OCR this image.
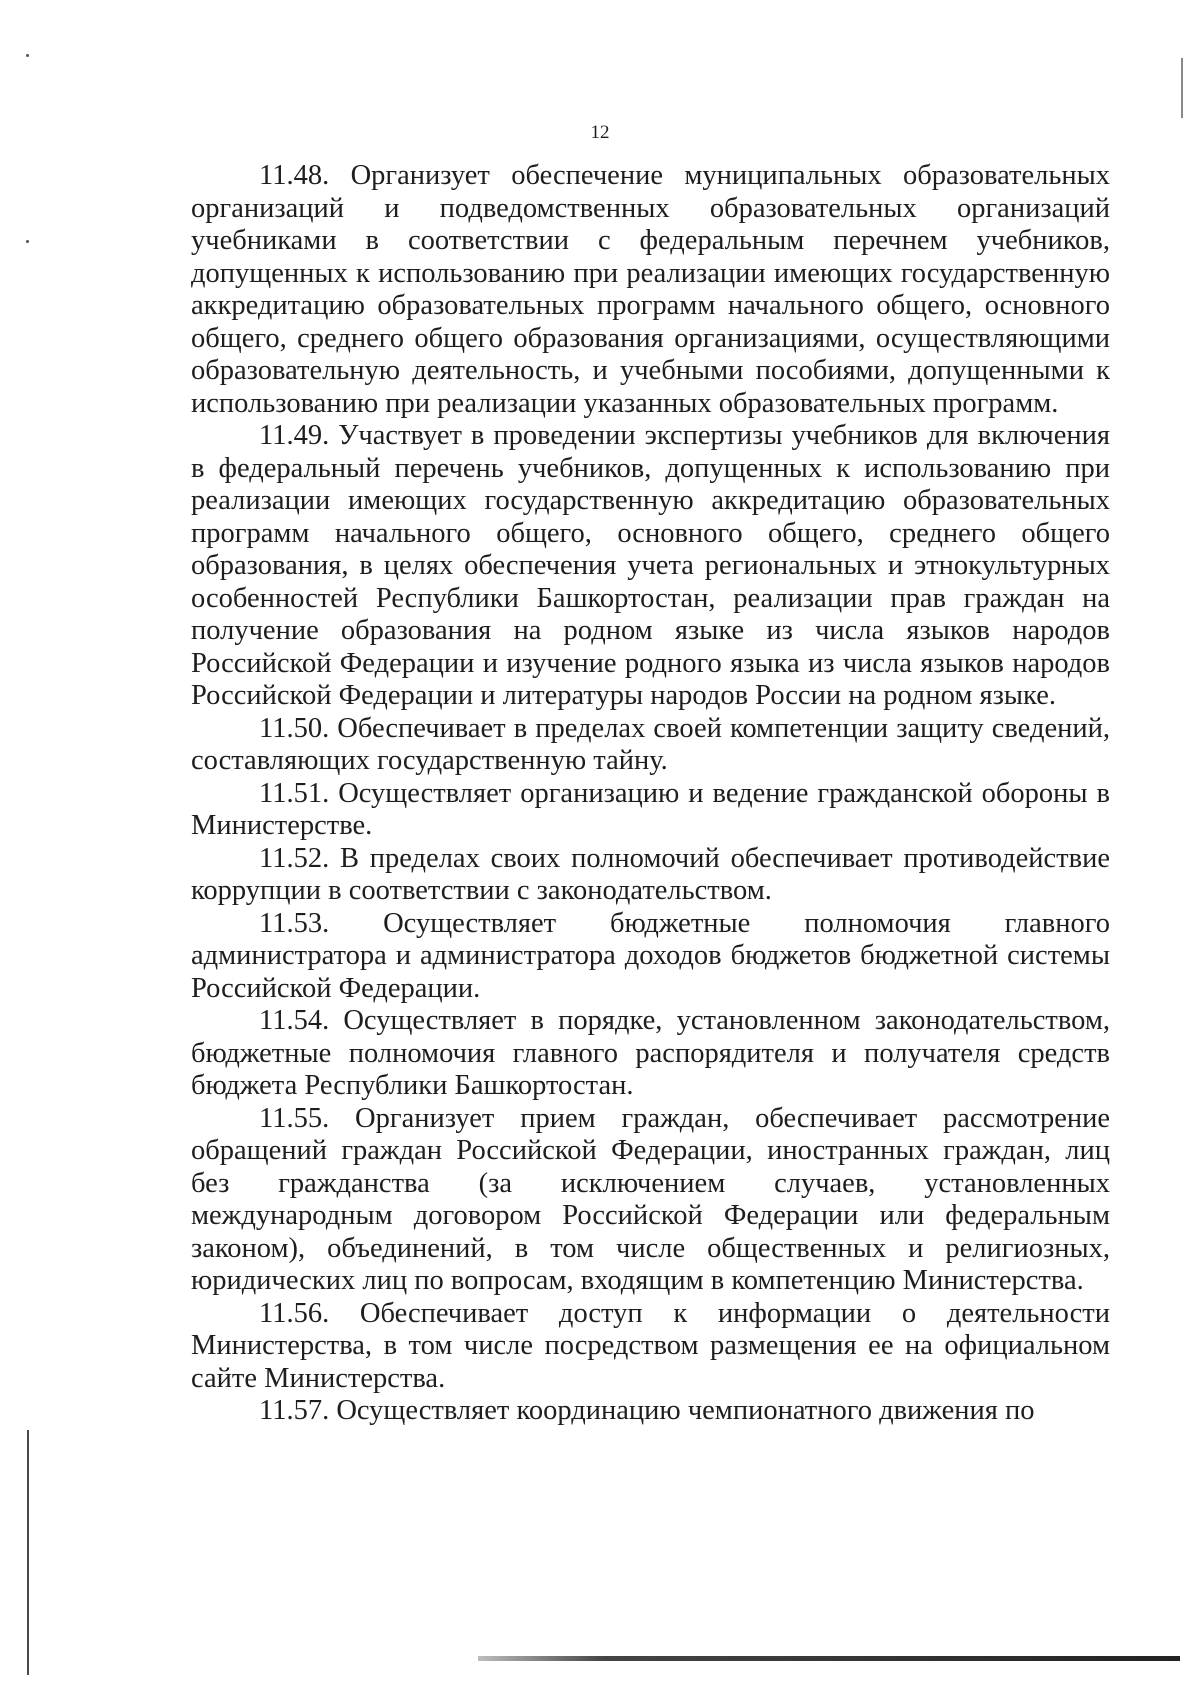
12

11.48. Организует обеспечение муниципальных образовательных организаций и подведомственных образовательных организаций учебниками в соответствии с федеральным перечнем учебников, допущенных к использованию при реализации имеющих государственную аккредитацию образовательных программ начального общего, основного общего, среднего общего образования организациями, осуществляющими образовательную деятельность, и учебными пособиями, допущенными к использованию при реализации указанных образовательных программ.

11.49. Участвует в проведении экспертизы учебников для включения в федеральный перечень учебников, допущенных к использованию при реализации имеющих государственную аккредитацию образовательных программ начального общего, основного общего, среднего общего образования, в целях обеспечения учета региональных и этнокультурных особенностей Республики Башкортостан, реализации прав граждан на получение образования на родном языке из числа языков народов Российской Федерации и изучение родного языка из числа языков народов Российской Федерации и литературы народов России на родном языке.

11.50. Обеспечивает в пределах своей компетенции защиту сведений, составляющих государственную тайну.

11.51. Осуществляет организацию и ведение гражданской обороны в Министерстве.

11.52. В пределах своих полномочий обеспечивает противодействие коррупции в соответствии с законодательством.

11.53. Осуществляет бюджетные полномочия главного администратора и администратора доходов бюджетов бюджетной системы Российской Федерации.

11.54. Осуществляет в порядке, установленном законодательством, бюджетные полномочия главного распорядителя и получателя средств бюджета Республики Башкортостан.

11.55. Организует прием граждан, обеспечивает рассмотрение обращений граждан Российской Федерации, иностранных граждан, лиц без гражданства (за исключением случаев, установленных международным договором Российской Федерации или федеральным законом), объединений, в том числе общественных и религиозных, юридических лиц по вопросам, входящим в компетенцию Министерства.

11.56. Обеспечивает доступ к информации о деятельности Министерства, в том числе посредством размещения ее на официальном сайте Министерства.

11.57. Осуществляет координацию чемпионатного движения по
